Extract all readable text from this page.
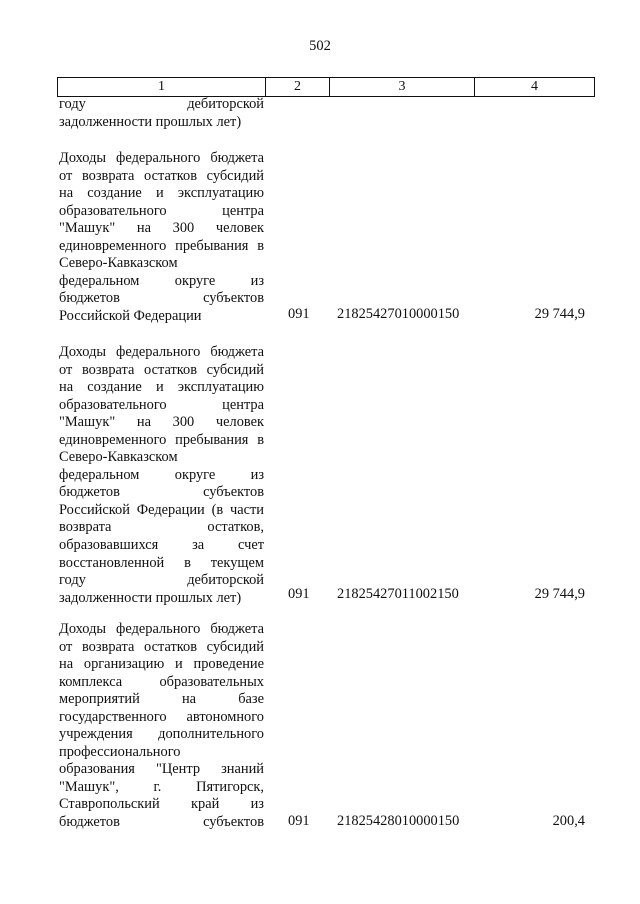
502
1	2	3	4
году дебиторской
задолженности прошлых лет)
Доходы федерального бюджета
от возврата остатков субсидий
на создание и эксплуатацию
образовательного центра
"Машук" на 300 человек
единовременного пребывания в
Северо-Кавказском
федеральном округе из
бюджетов субъектов
Российской Федерации	091	21825427010000150	29 744,9
Доходы федерального бюджета
от возврата остатков субсидий
на создание и эксплуатацию
образовательного центра
"Машук" на 300 человек
единовременного пребывания в
Северо-Кавказском
федеральном округе из
бюджетов субъектов
Российской Федерации (в части
возврата остатков,
образовавшихся за счет
восстановленной в текущем
году дебиторской
задолженности прошлых лет)	091	21825427011002150	29 744,9
Доходы федерального бюджета
от возврата остатков субсидий
на организацию и проведение
комплекса образовательных
мероприятий на базе
государственного автономного
учреждения дополнительного
профессионального
образования "Центр знаний
"Машук", г. Пятигорск,
Ставропольский край из
бюджетов субъектов 091	21825428010000150	200,4
